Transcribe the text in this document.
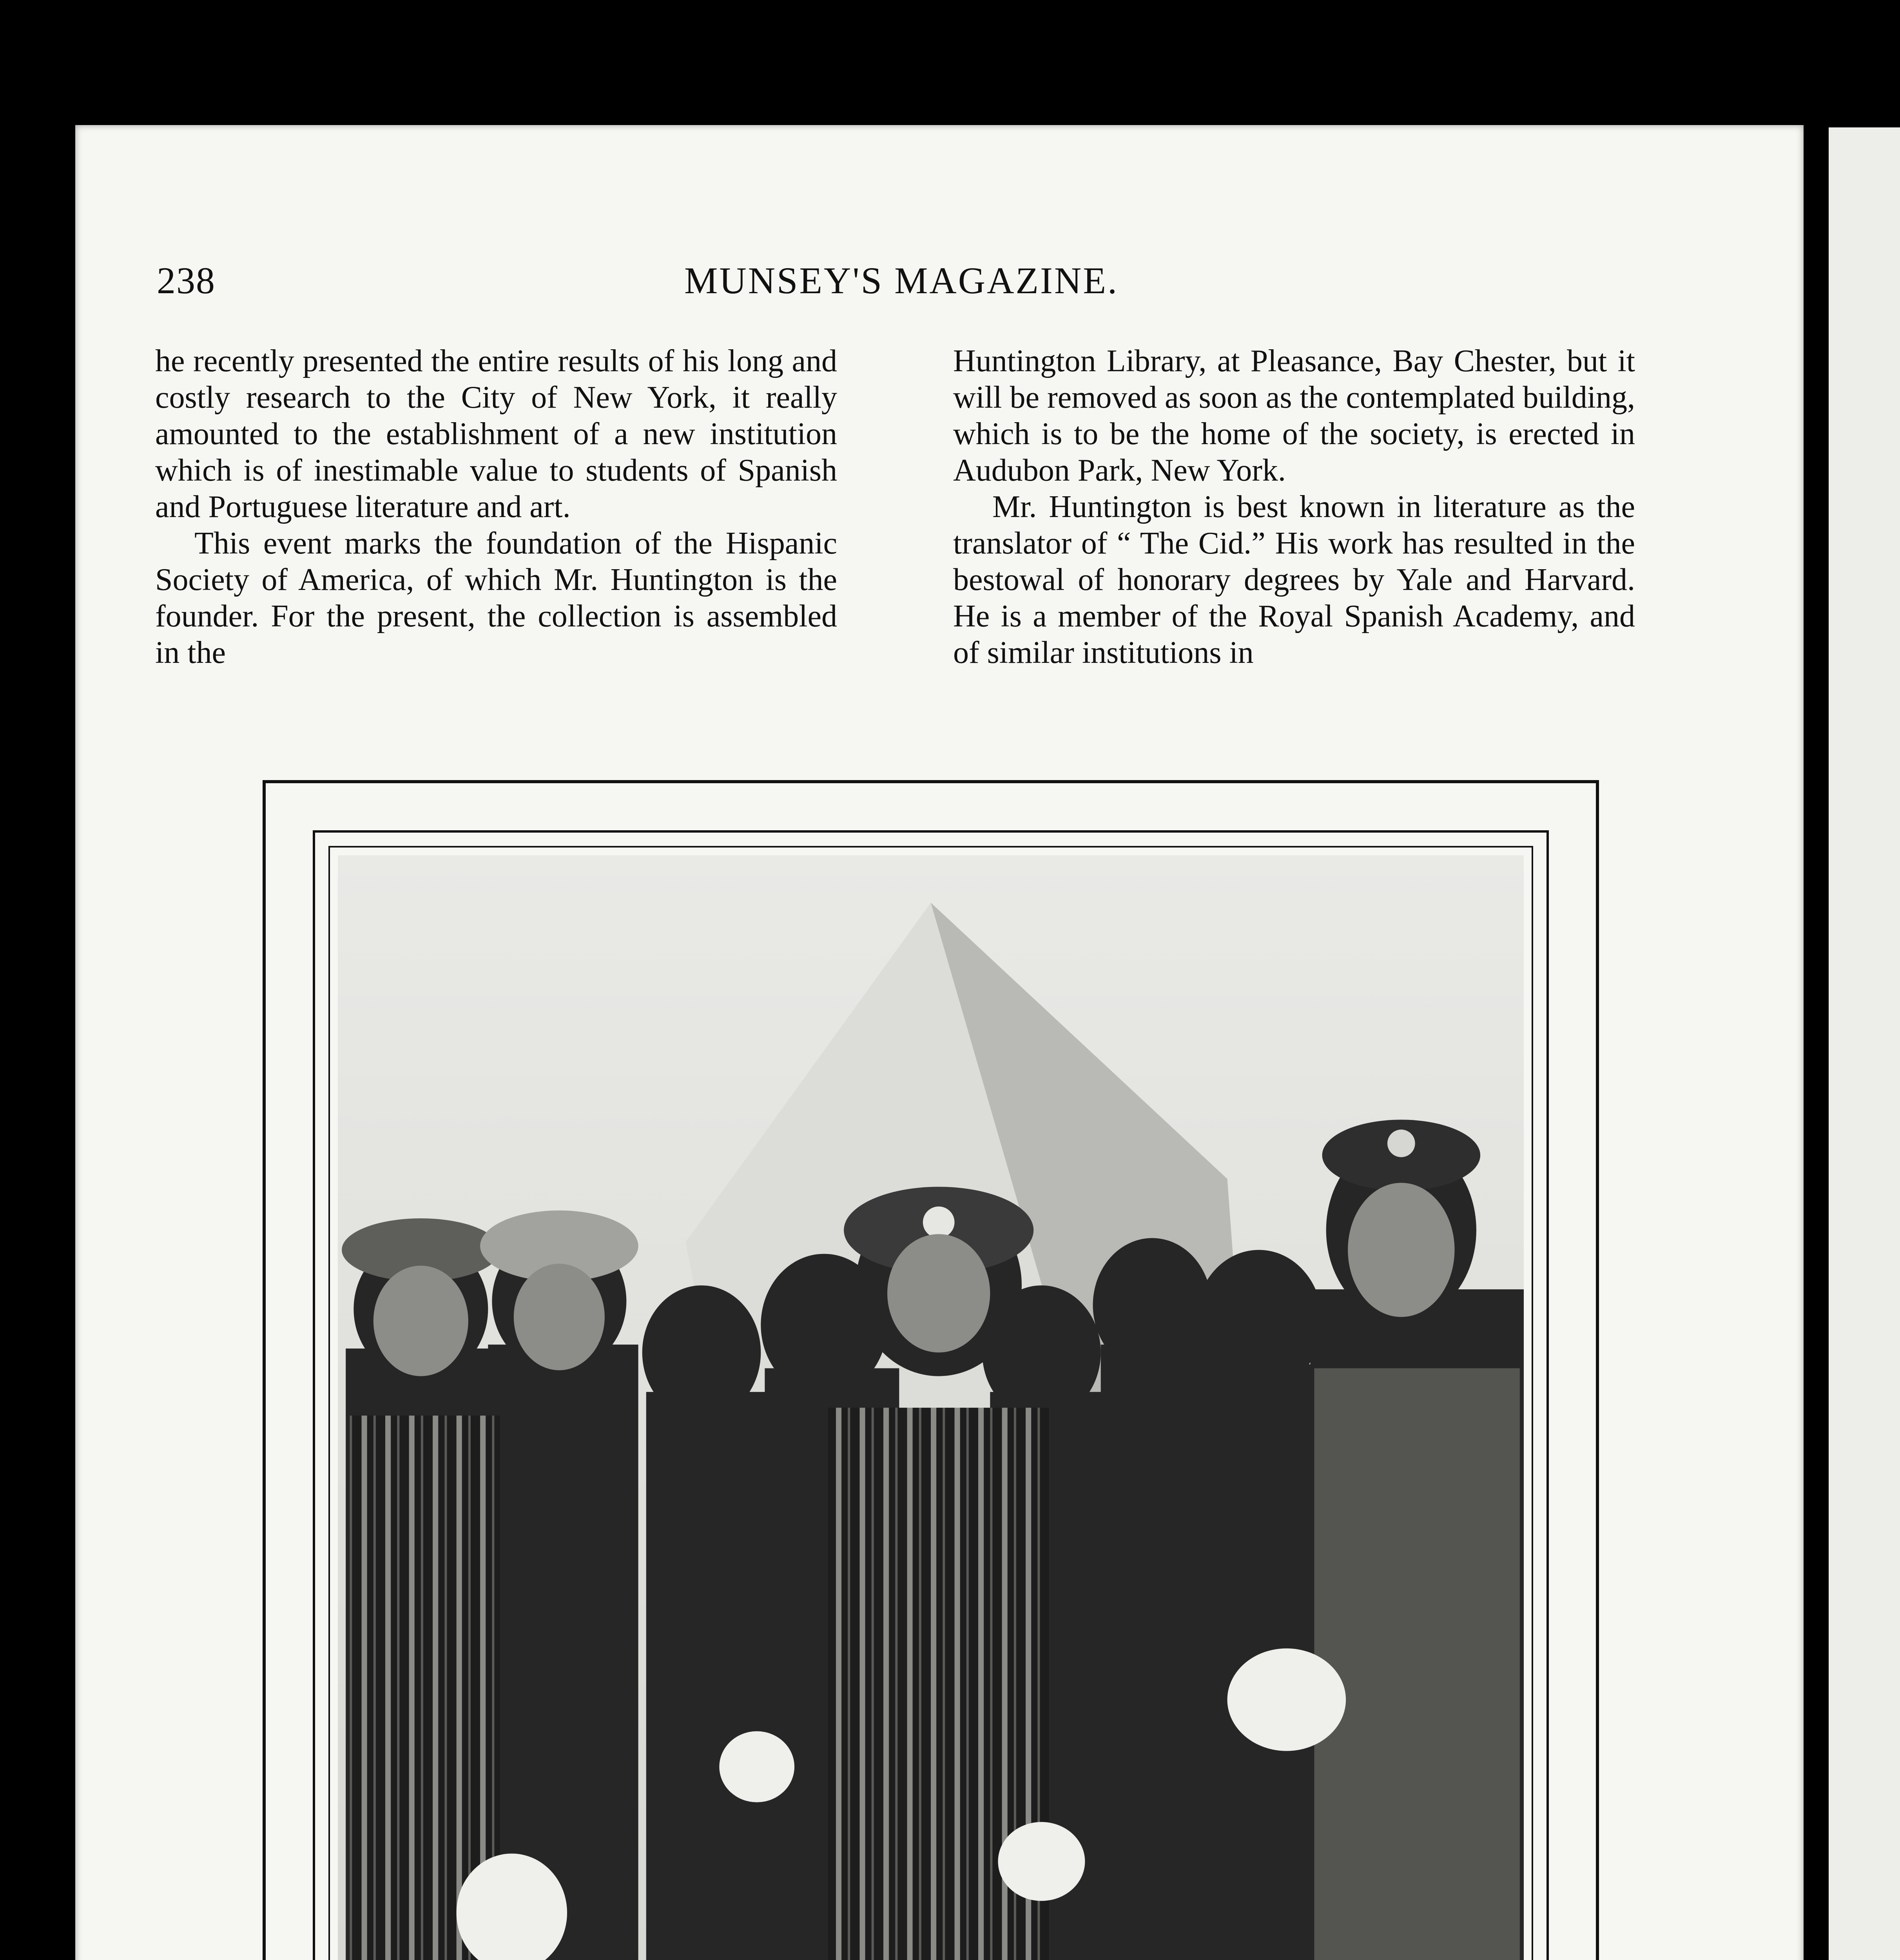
238	MUNSEY'S MAGAZINE.

he recently presented the entire results of his long and costly research to the City of New York, it really amounted to the establishment of a new institution which is of inestimable value to students of Spanish and Portuguese literature and art.

This event marks the foundation of the Hispanic Society of America, of which Mr. Huntington is the founder. For the present, the collection is assembled in the

Huntington Library, at Pleasance, Bay Chester, but it will be removed as soon as the contemplated building, which is to be the home of the society, is erected in Audubon Park, New York.

Mr. Huntington is best known in literature as the translator of “ The Cid.” His work has resulted in the bestowal of honorary degrees by Yale and Harvard. He is a member of the Royal Spanish Academy, and of similar institutions in
